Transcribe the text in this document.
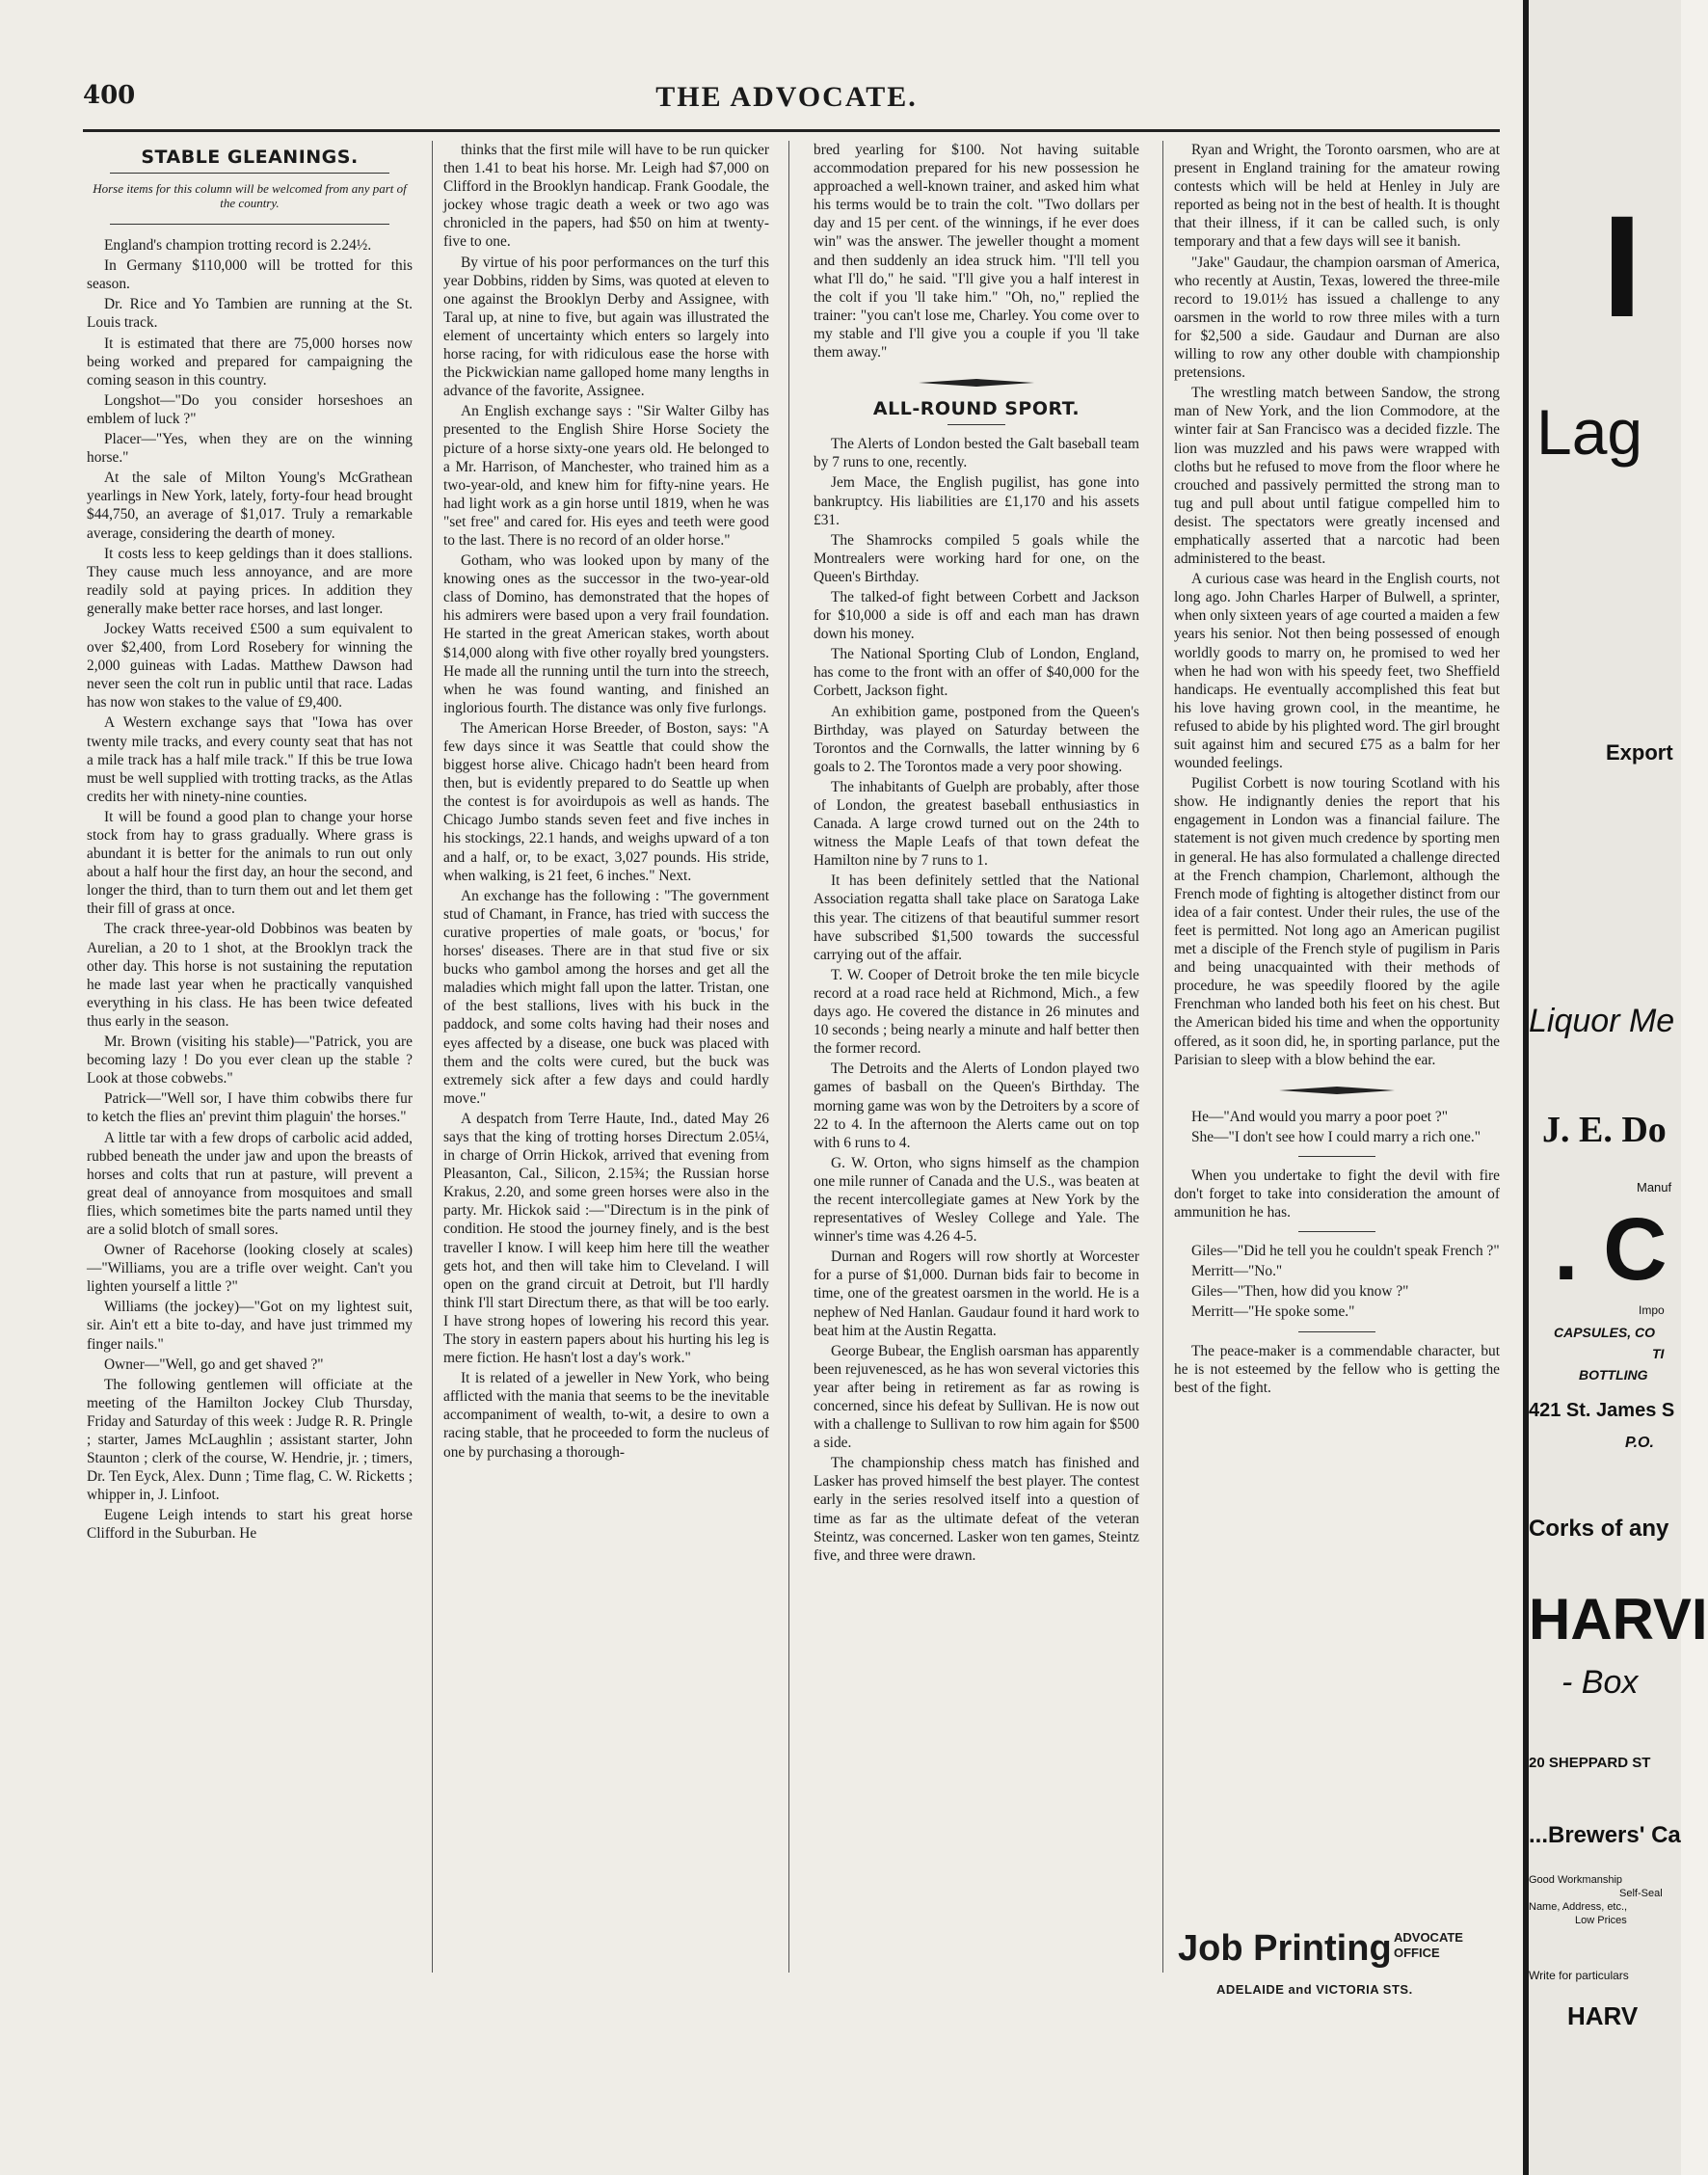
400	THE ADVOCATE.
STABLE GLEANINGS.
Horse items for this column will be welcomed from any part of the country.

England's champion trotting record is 2.24½.

In Germany $110,000 will be trotted for this season.

Dr. Rice and Yo Tambien are running at the St. Louis track.

It is estimated that there are 75,000 horses now being worked and prepared for campaigning the coming season in this country.

Longshot—"Do you consider horseshoes an emblem of luck ?"

Placer—"Yes, when they are on the winning horse."

At the sale of Milton Young's McGrathean yearlings in New York, lately, forty-four head brought $44,750, an average of $1,017. Truly a remarkable average, considering the dearth of money.

It costs less to keep geldings than it does stallions. They cause much less annoyance, and are more readily sold at paying prices. In addition they generally make better race horses, and last longer.

Jockey Watts received £500 a sum equivalent to over $2,400, from Lord Rosebery for winning the 2,000 guineas with Ladas. Matthew Dawson had never seen the colt run in public until that race. Ladas has now won stakes to the value of £9,400.

A Western exchange says that "Iowa has over twenty mile tracks, and every county seat that has not a mile track has a half mile track." If this be true Iowa must be well supplied with trotting tracks, as the Atlas credits her with ninety-nine counties.

It will be found a good plan to change your horse stock from hay to grass gradually. Where grass is abundant it is better for the animals to run out only about a half hour the first day, an hour the second, and longer the third, than to turn them out and let them get their fill of grass at once.

The crack three-year-old Dobbinos was beaten by Aurelian, a 20 to 1 shot, at the Brooklyn track the other day. This horse is not sustaining the reputation he made last year when he practically vanquished everything in his class. He has been twice defeated thus early in the season.

Mr. Brown (visiting his stable)—"Patrick, you are becoming lazy ! Do you ever clean up the stable ? Look at those cobwebs."

Patrick—"Well sor, I have thim cobwibs there fur to ketch the flies an' prevint thim plaguin' the horses."

A little tar with a few drops of carbolic acid added, rubbed beneath the under jaw and upon the breasts of horses and colts that run at pasture, will prevent a great deal of annoyance from mosquitoes and small flies, which sometimes bite the parts named until they are a solid blotch of small sores.

Owner of Racehorse (looking closely at scales)—"Williams, you are a trifle over weight. Can't you lighten yourself a little ?"

Williams (the jockey)—"Got on my lightest suit, sir. Ain't ett a bite to-day, and have just trimmed my finger nails."

Owner—"Well, go and get shaved ?"

The following gentlemen will officiate at the meeting of the Hamilton Jockey Club Thursday, Friday and Saturday of this week : Judge R. R. Pringle ; starter, James McLaughlin ; assistant starter, John Staunton ; clerk of the course, W. Hendrie, jr. ; timers, Dr. Ten Eyck, Alex. Dunn ; Time flag, C. W. Ricketts ; whipper in, J. Linfoot.

Eugene Leigh intends to start his great horse Clifford in the Suburban. He

thinks that the first mile will have to be run quicker then 1.41 to beat his horse. Mr. Leigh had $7,000 on Clifford in the Brooklyn handicap. Frank Goodale, the jockey whose tragic death a week or two ago was chronicled in the papers, had $50 on him at twenty-five to one.

By virtue of his poor performances on the turf this year Dobbins, ridden by Sims, was quoted at eleven to one against the Brooklyn Derby and Assignee, with Taral up, at nine to five, but again was illustrated the element of uncertainty which enters so largely into horse racing, for with ridiculous ease the horse with the Pickwickian name galloped home many lengths in advance of the favorite, Assignee.

An English exchange says : "Sir Walter Gilby has presented to the English Shire Horse Society the picture of a horse sixty-one years old. He belonged to a Mr. Harrison, of Manchester, who trained him as a two-year-old, and knew him for fifty-nine years. He had light work as a gin horse until 1819, when he was "set free" and cared for. His eyes and teeth were good to the last. There is no record of an older horse."

Gotham, who was looked upon by many of the knowing ones as the successor in the two-year-old class of Domino, has demonstrated that the hopes of his admirers were based upon a very frail foundation. He started in the great American stakes, worth about $14,000 along with five other royally bred youngsters. He made all the running until the turn into the streech, when he was found wanting, and finished an inglorious fourth. The distance was only five furlongs.

The American Horse Breeder, of Boston, says: "A few days since it was Seattle that could show the biggest horse alive. Chicago hadn't been heard from then, but is evidently prepared to do Seattle up when the contest is for avoirdupois as well as hands. The Chicago Jumbo stands seven feet and five inches in his stockings, 22.1 hands, and weighs upward of a ton and a half, or, to be exact, 3,027 pounds. His stride, when walking, is 21 feet, 6 inches." Next.

An exchange has the following : "The government stud of Chamant, in France, has tried with success the curative properties of male goats, or 'bocus,' for horses' diseases. There are in that stud five or six bucks who gambol among the horses and get all the maladies which might fall upon the latter. Tristan, one of the best stallions, lives with his buck in the paddock, and some colts having had their noses and eyes affected by a disease, one buck was placed with them and the colts were cured, but the buck was extremely sick after a few days and could hardly move."

A despatch from Terre Haute, Ind., dated May 26 says that the king of trotting horses Directum 2.05¼, in charge of Orrin Hickok, arrived that evening from Pleasanton, Cal., Silicon, 2.15¾; the Russian horse Krakus, 2.20, and some green horses were also in the party. Mr. Hickok said :—"Directum is in the pink of condition. He stood the journey finely, and is the best traveller I know. I will keep him here till the weather gets hot, and then will take him to Cleveland. I will open on the grand circuit at Detroit, but I'll hardly think I'll start Directum there, as that will be too early. I have strong hopes of lowering his record this year. The story in eastern papers about his hurting his leg is mere fiction. He hasn't lost a day's work."

It is related of a jeweller in New York, who being afflicted with the mania that seems to be the inevitable accompaniment of wealth, to-wit, a desire to own a racing stable, that he proceeded to form the nucleus of one by purchasing a thorough-

bred yearling for $100. Not having suitable accommodation prepared for his new possession he approached a well-known trainer, and asked him what his terms would be to train the colt. "Two dollars per day and 15 per cent. of the winnings, if he ever does win" was the answer. The jeweller thought a moment and then suddenly an idea struck him. "I'll tell you what I'll do," he said. "I'll give you a half interest in the colt if you 'll take him." "Oh, no," replied the trainer: "you can't lose me, Charley. You come over to my stable and I'll give you a couple if you 'll take them away."

ALL-ROUND SPORT.

The Alerts of London bested the Galt baseball team by 7 runs to one, recently.

Jem Mace, the English pugilist, has gone into bankruptcy. His liabilities are £1,170 and his assets £31.

The Shamrocks compiled 5 goals while the Montrealers were working hard for one, on the Queen's Birthday.

The talked-of fight between Corbett and Jackson for $10,000 a side is off and each man has drawn down his money.

The National Sporting Club of London, England, has come to the front with an offer of $40,000 for the Corbett, Jackson fight.

An exhibition game, postponed from the Queen's Birthday, was played on Saturday between the Torontos and the Cornwalls, the latter winning by 6 goals to 2. The Torontos made a very poor showing.

The inhabitants of Guelph are probably, after those of London, the greatest baseball enthusiastics in Canada. A large crowd turned out on the 24th to witness the Maple Leafs of that town defeat the Hamilton nine by 7 runs to 1.

It has been definitely settled that the National Association regatta shall take place on Saratoga Lake this year. The citizens of that beautiful summer resort have subscribed $1,500 towards the successful carrying out of the affair.

T. W. Cooper of Detroit broke the ten mile bicycle record at a road race held at Richmond, Mich., a few days ago. He covered the distance in 26 minutes and 10 seconds ; being nearly a minute and half better then the former record.

The Detroits and the Alerts of London played two games of basball on the Queen's Birthday. The morning game was won by the Detroiters by a score of 22 to 4. In the afternoon the Alerts came out on top with 6 runs to 4.

G. W. Orton, who signs himself as the champion one mile runner of Canada and the U.S., was beaten at the recent intercollegiate games at New York by the representatives of Wesley College and Yale. The winner's time was 4.26 4-5.

Durnan and Rogers will row shortly at Worcester for a purse of $1,000. Durnan bids fair to become in time, one of the greatest oarsmen in the world. He is a nephew of Ned Hanlan. Gaudaur found it hard work to beat him at the Austin Regatta.

George Bubear, the English oarsman has apparently been rejuvenesced, as he has won several victories this year after being in retirement as far as rowing is concerned, since his defeat by Sullivan. He is now out with a challenge to Sullivan to row him again for $500 a side.

The championship chess match has finished and Lasker has proved himself the best player. The contest early in the series resolved itself into a question of time as far as the ultimate defeat of the veteran Steintz, was concerned. Lasker won ten games, Steintz five, and three were drawn.

Ryan and Wright, the Toronto oarsmen, who are at present in England training for the amateur rowing contests which will be held at Henley in July are reported as being not in the best of health. It is thought that their illness, if it can be called such, is only temporary and that a few days will see it banish.

"Jake" Gaudaur, the champion oarsman of America, who recently at Austin, Texas, lowered the three-mile record to 19.01½ has issued a challenge to any oarsmen in the world to row three miles with a turn for $2,500 a side. Gaudaur and Durnan are also willing to row any other double with championship pretensions.

The wrestling match between Sandow, the strong man of New York, and the lion Commodore, at the winter fair at San Francisco was a decided fizzle. The lion was muzzled and his paws were wrapped with cloths but he refused to move from the floor where he crouched and passively permitted the strong man to tug and pull about until fatigue compelled him to desist. The spectators were greatly incensed and emphatically asserted that a narcotic had been administered to the beast.

A curious case was heard in the English courts, not long ago. John Charles Harper of Bulwell, a sprinter, when only sixteen years of age courted a maiden a few years his senior. Not then being possessed of enough worldly goods to marry on, he promised to wed her when he had won with his speedy feet, two Sheffield handicaps. He eventually accomplished this feat but his love having grown cool, in the meantime, he refused to abide by his plighted word. The girl brought suit against him and secured £75 as a balm for her wounded feelings.

Pugilist Corbett is now touring Scotland with his show. He indignantly denies the report that his engagement in London was a financial failure. The statement is not given much credence by sporting men in general. He has also formulated a challenge directed at the French champion, Charlemont, although the French mode of fighting is altogether distinct from our idea of a fair contest. Under their rules, the use of the feet is permitted. Not long ago an American pugilist met a disciple of the French style of pugilism in Paris and being unacquainted with their methods of procedure, he was speedily floored by the agile Frenchman who landed both his feet on his chest. But the American bided his time and when the opportunity offered, as it soon did, he, in sporting parlance, put the Parisian to sleep with a blow behind the ear.

He—"And would you marry a poor poet ?"

She—"I don't see how I could marry a rich one."

When you undertake to fight the devil with fire don't forget to take into consideration the amount of ammunition he has.

Giles—"Did he tell you he couldn't speak French ?"

Merritt—"No."

Giles—"Then, how did you know ?"

Merritt—"He spoke some."

The peace-maker is a commendable character, but he is not esteemed by the fellow who is getting the best of the fight.

Job Printing ADVOCATE
OFFICE
ADELAIDE and VICTORIA STS.
I
Lag
Export
Liquor Me
J. E. Do
Manuf
. C
Impo
CAPSULES, CO
TI
BOTTLING
421 St. James S
P.O.
Corks of any
HARVI
- Box
20 SHEPPARD ST
...Brewers' Ca
Good Workmanship
Self-Seal
Name, Address, etc.,
Low Prices
Write for particulars
HARV
